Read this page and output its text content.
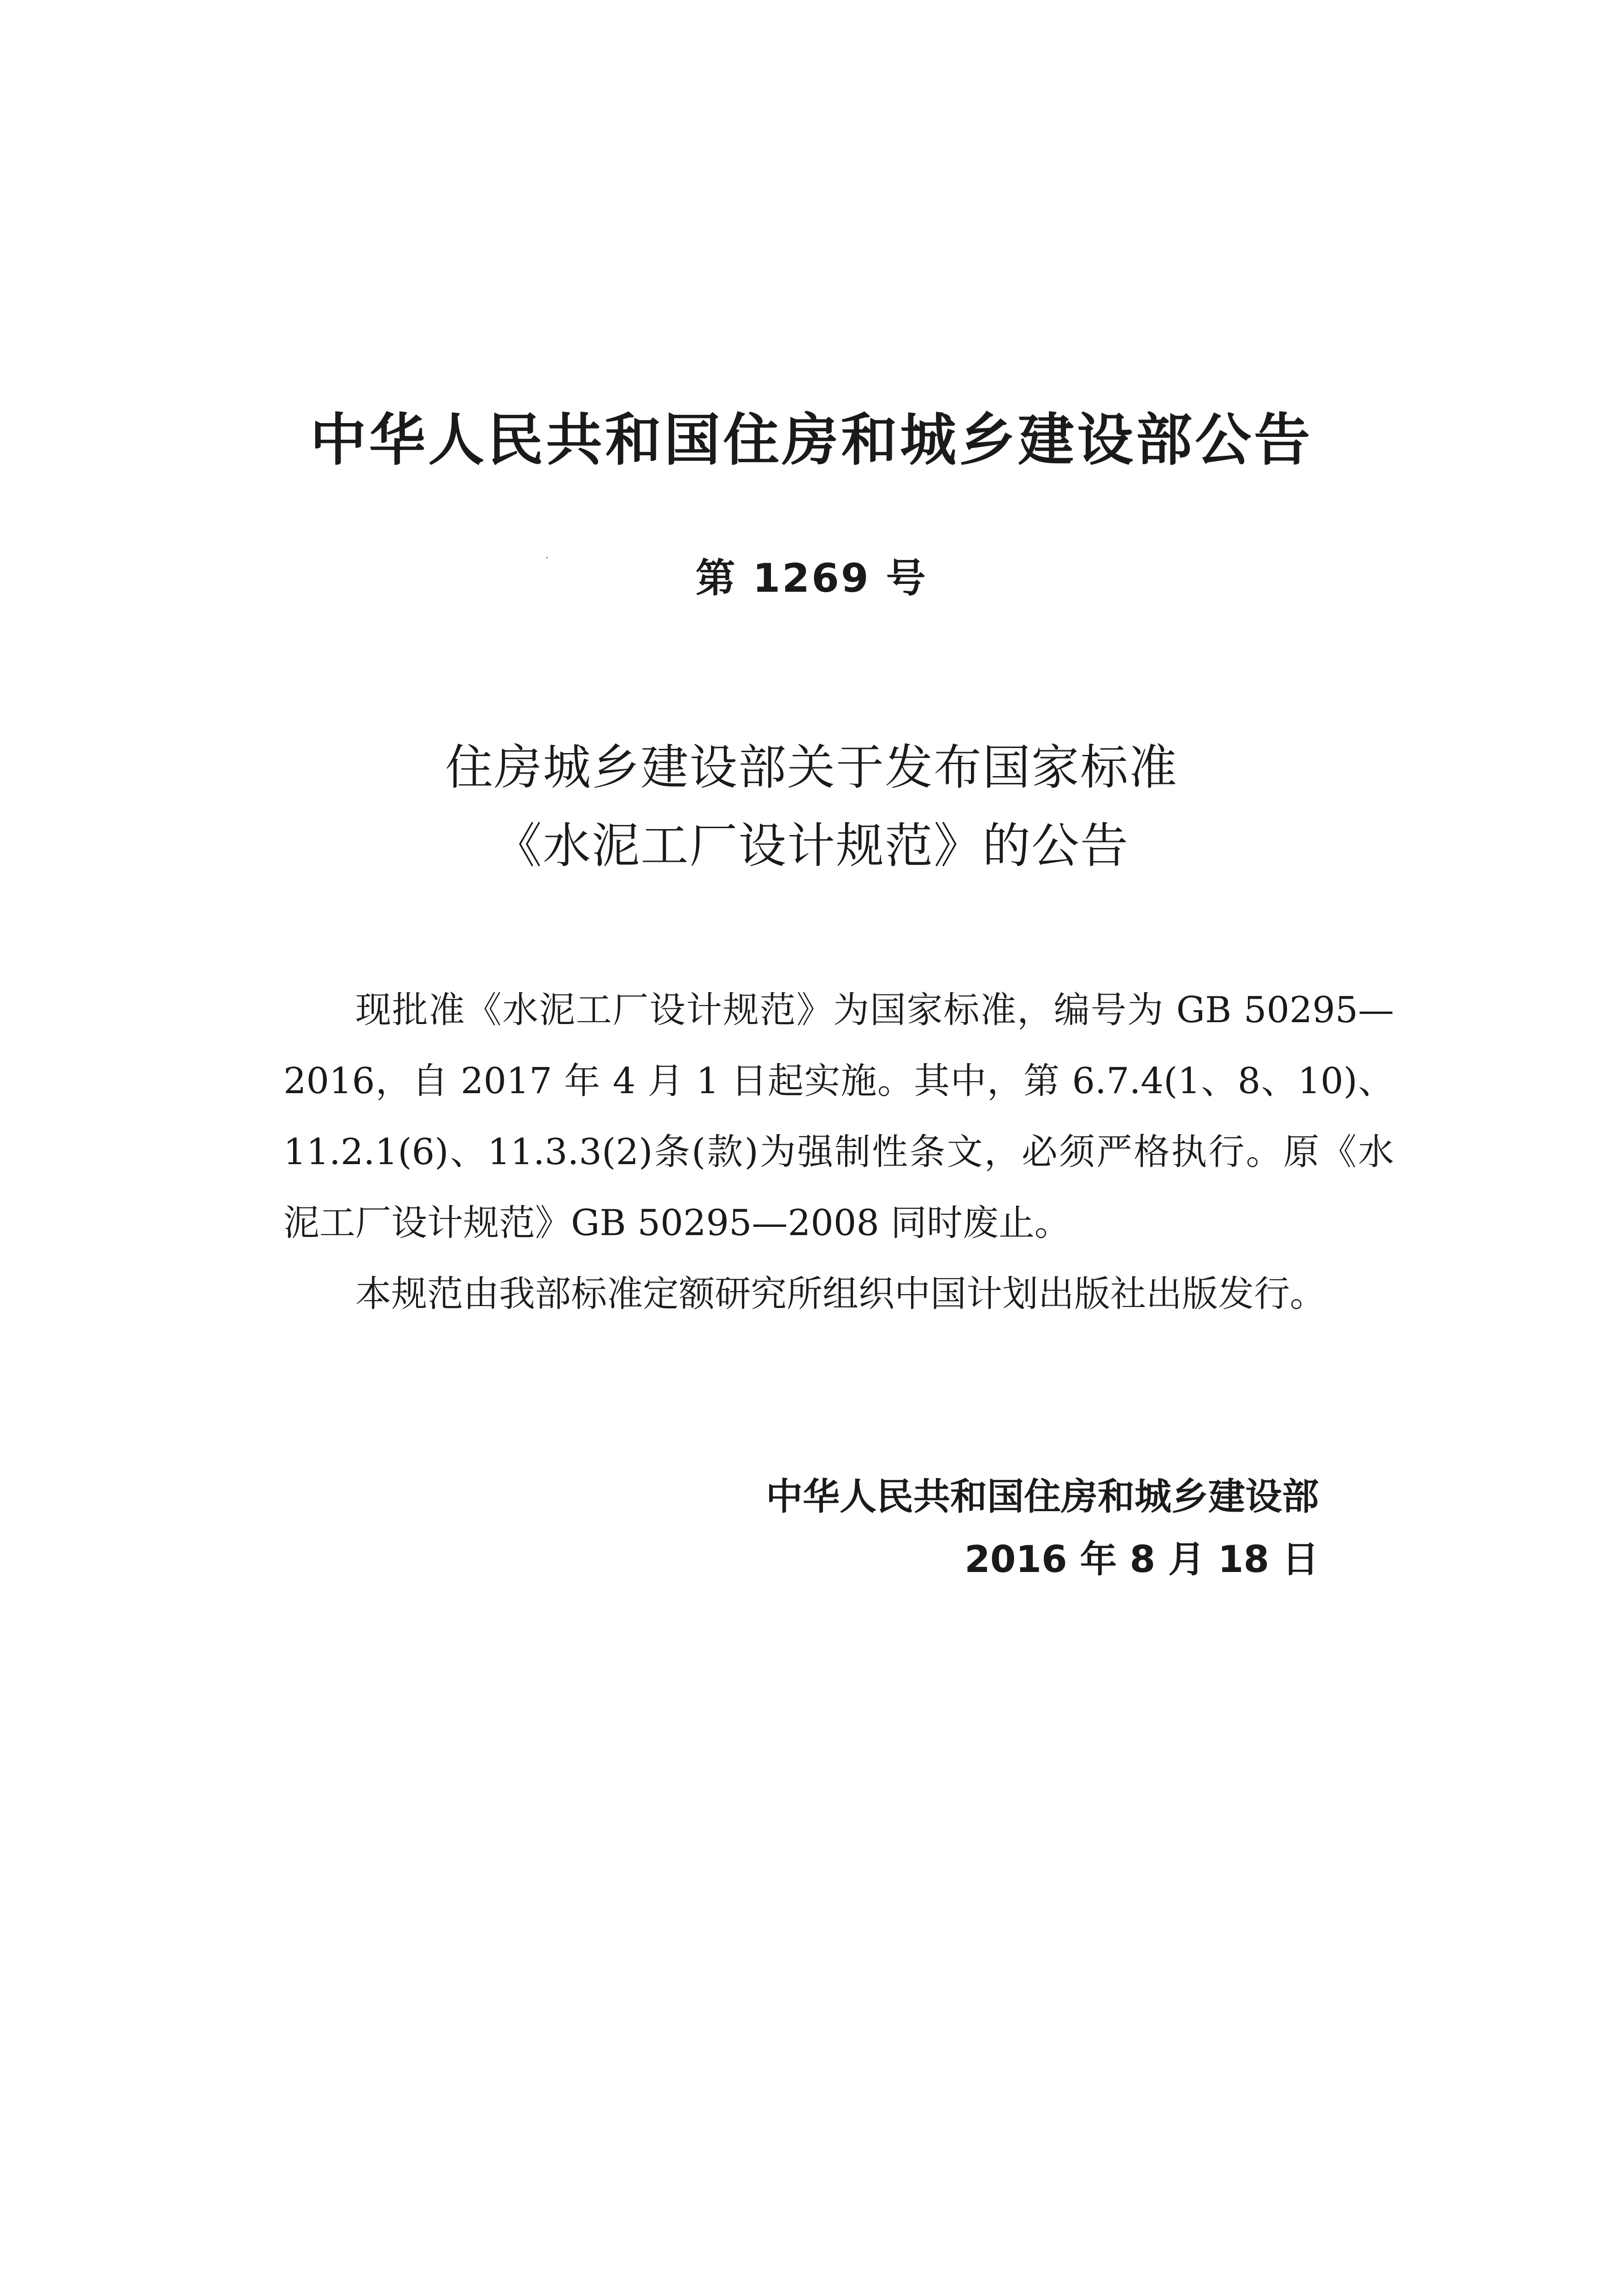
中华人民共和国住房和城乡建设部公告
第 1269 号
住房城乡建设部关于发布国家标准
《水泥工厂设计规范》的公告

现批准《水泥工厂设计规范》为国家标准，编号为 GB 50295—2016，自 2017 年 4 月 1 日起实施。其中，第 6.7.4(1、8、10)、11.2.1(6)、11.3.3(2)条(款)为强制性条文，必须严格执行。原《水泥工厂设计规范》GB 50295—2008 同时废止。

本规范由我部标准定额研究所组织中国计划出版社出版发行。

中华人民共和国住房和城乡建设部
2016 年 8 月 18 日
